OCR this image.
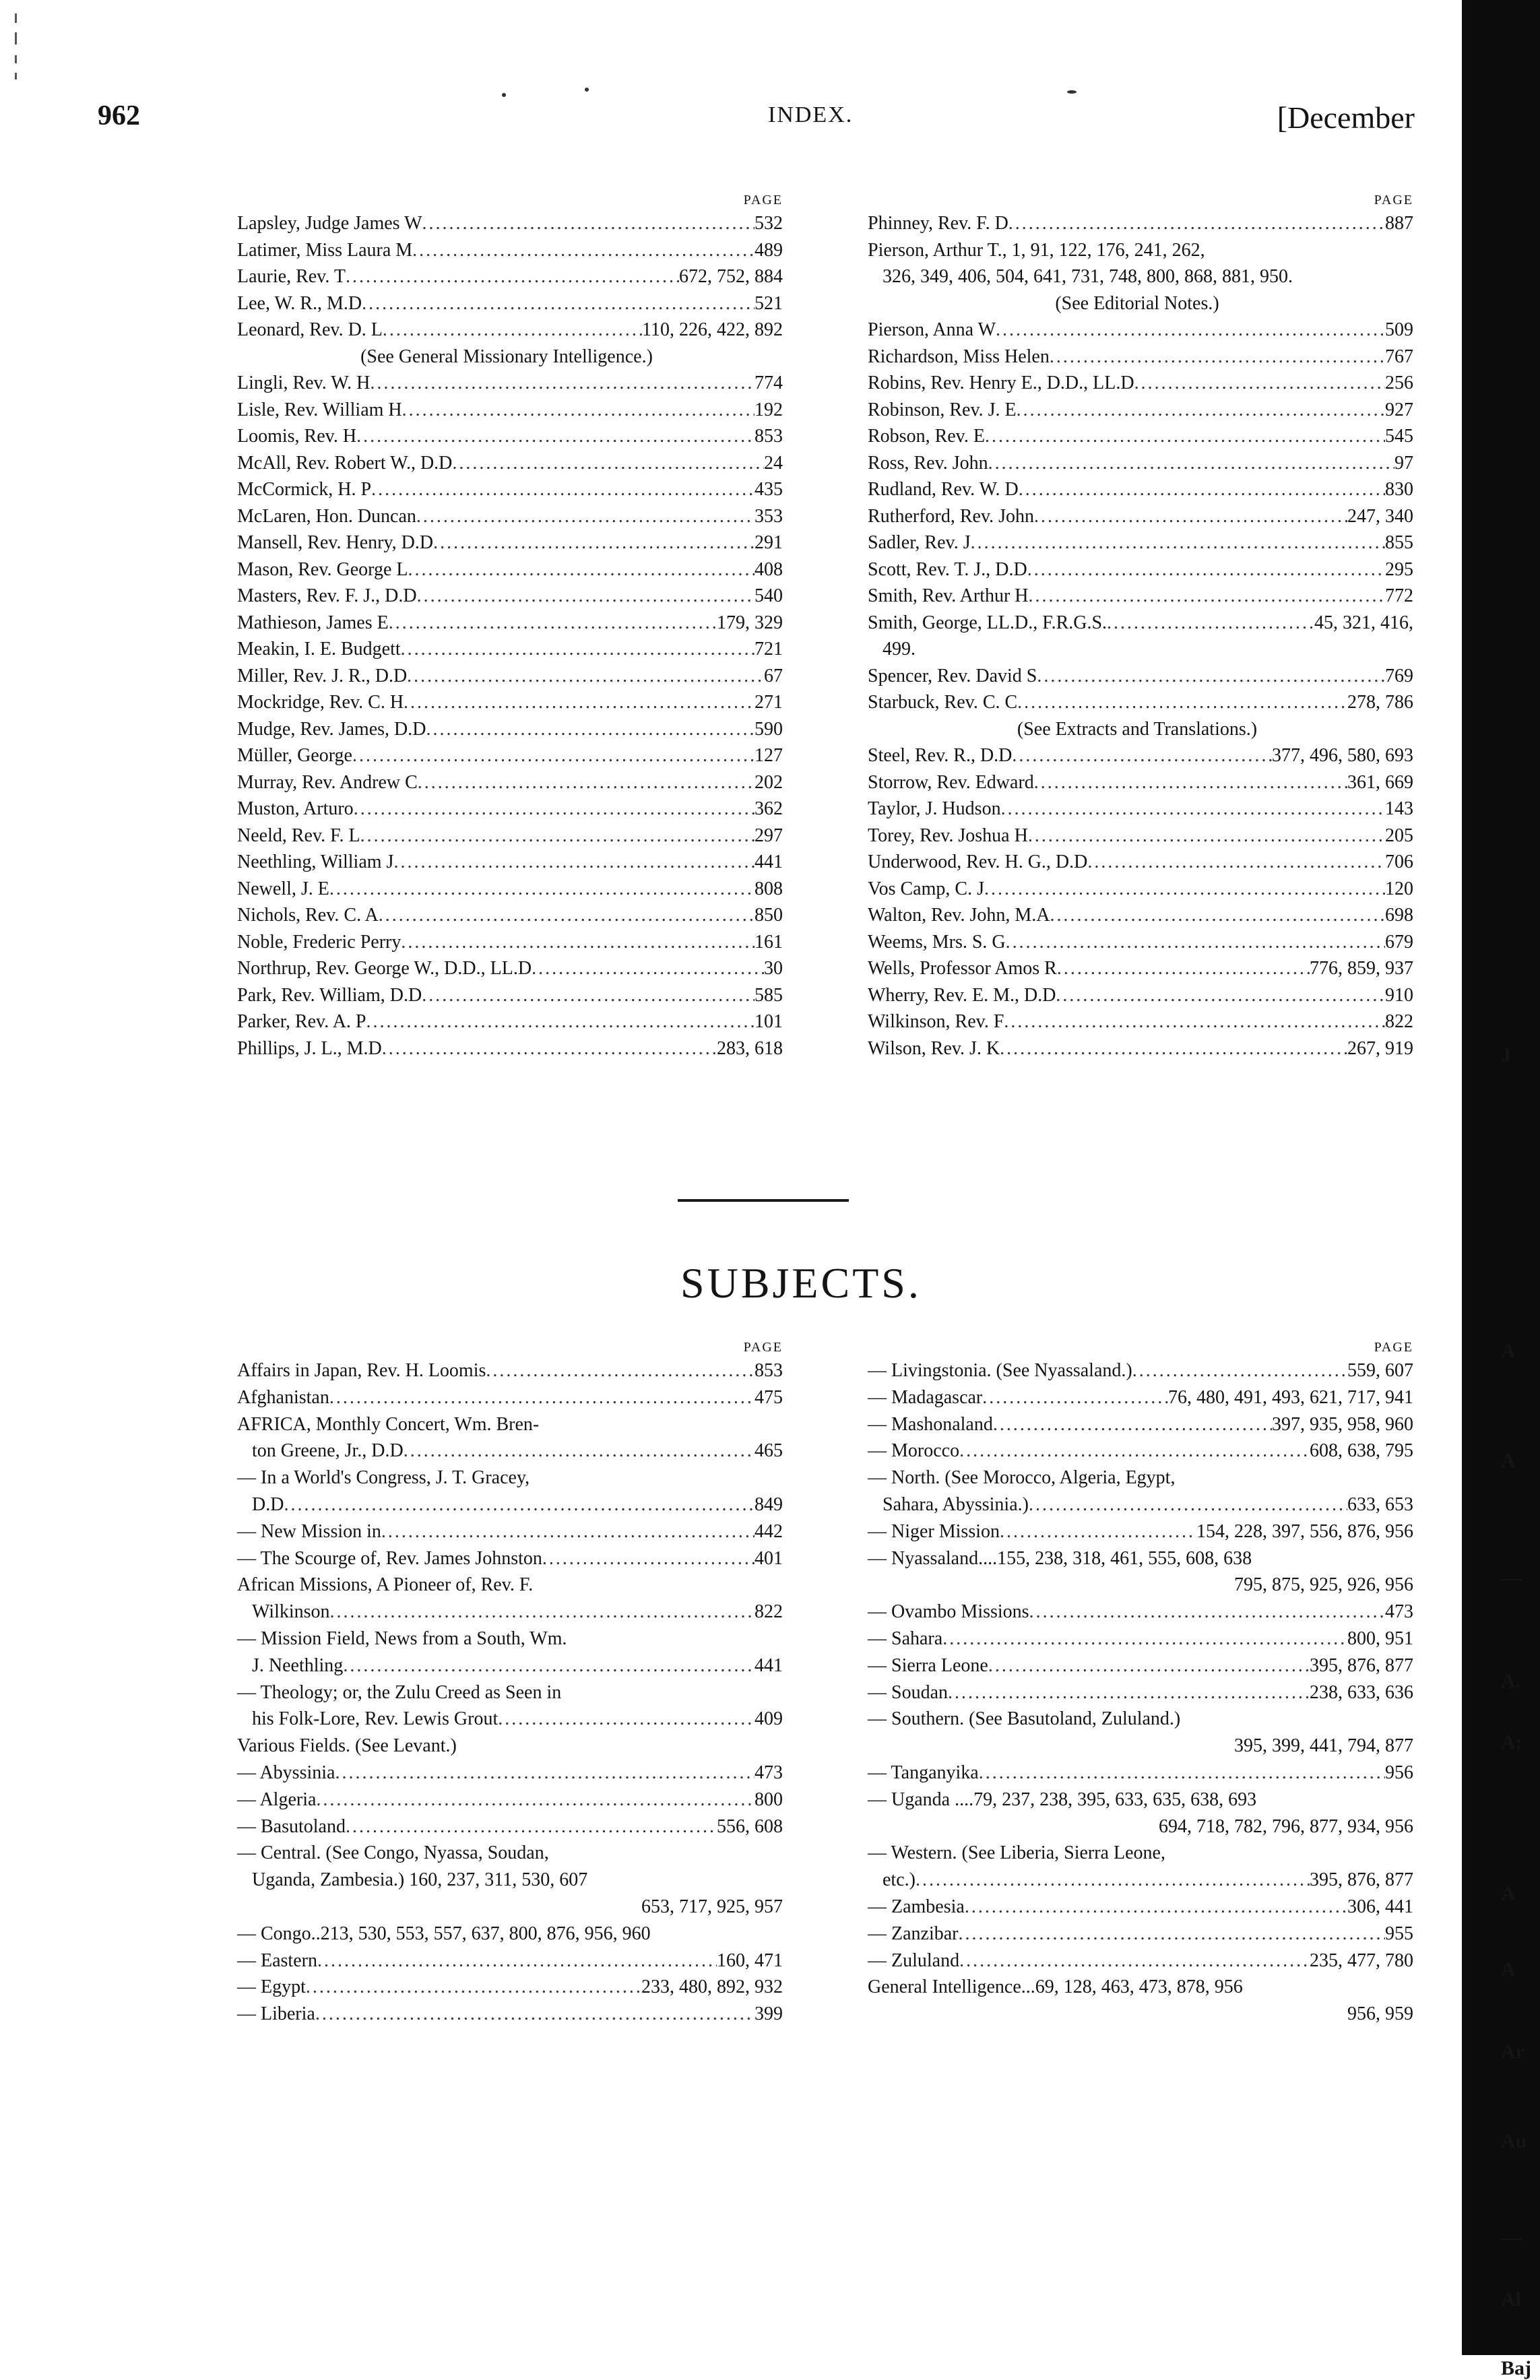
J
A
A
—
A.
A:
A
A
Ar
Au
—
Al
Baj
962	INDEX.	[December
PAGE
Lapsley, Judge James W .....	532
Latimer, Miss Laura M .....	489
Laurie, Rev. T .....	672, 752, 884
Lee, W. R., M.D .....	521
Leonard, Rev. D. L .....	110, 226, 422, 892
(See General Missionary Intelligence.)
Lingli, Rev. W. H .....	774
Lisle, Rev. William H .....	192
Loomis, Rev. H .....	853
McAll, Rev. Robert W., D.D .....	24
McCormick, H. P .....	435
McLaren, Hon. Duncan .....	353
Mansell, Rev. Henry, D.D .....	291
Mason, Rev. George L .....	408
Masters, Rev. F. J., D.D .....	540
Mathieson, James E .....	179, 329
Meakin, I. E. Budgett .....	721
Miller, Rev. J. R., D.D .....	67
Mockridge, Rev. C. H .....	271
Mudge, Rev. James, D.D .....	590
Müller, George .....	127
Murray, Rev. Andrew C .....	202
Muston, Arturo .....	362
Neeld, Rev. F. L .....	297
Neethling, William J .....	441
Newell, J. E .....	808
Nichols, Rev. C. A .....	850
Noble, Frederic Perry .....	161
Northrup, Rev. George W., D.D., LL.D .....	30
Park, Rev. William, D.D .....	585
Parker, Rev. A. P .....	101
Phillips, J. L., M.D .....	283, 618
PAGE
Phinney, Rev. F. D .....	887
Pierson, Arthur T., 1, 91, 122, 176, 241, 262,
326, 349, 406, 504, 641, 731, 748, 800, 868, 881, 950.
(See Editorial Notes.)
Pierson, Anna W .....	509
Richardson, Miss Helen .....	767
Robins, Rev. Henry E., D.D., LL.D .....	256
Robinson, Rev. J. E .....	927
Robson, Rev. E .....	545
Ross, Rev. John .....	97
Rudland, Rev. W. D .....	830
Rutherford, Rev. John .....	247, 340
Sadler, Rev. J .....	855
Scott, Rev. T. J., D.D .....	295
Smith, Rev. Arthur H .....	772
Smith, George, LL.D., F.R.G.S. .....	45, 321, 416,
499.
Spencer, Rev. David S .....	769
Starbuck, Rev. C. C .....	278, 786
(See Extracts and Translations.)
Steel, Rev. R., D.D .....	377, 496, 580, 693
Storrow, Rev. Edward .....	361, 669
Taylor, J. Hudson .....	143
Torey, Rev. Joshua H .....	205
Underwood, Rev. H. G., D.D .....	706
Vos Camp, C. J .....	120
Walton, Rev. John, M.A .....	698
Weems, Mrs. S. G .....	679
Wells, Professor Amos R .....	776, 859, 937
Wherry, Rev. E. M., D.D .....	910
Wilkinson, Rev. F .....	822
Wilson, Rev. J. K .....	267, 919
SUBJECTS.
PAGE
Affairs in Japan, Rev. H. Loomis .....	853
Afghanistan .....	475
AFRICA, Monthly Concert, Wm. Bren-
ton Greene, Jr., D.D .....	465
— In a World's Congress, J. T. Gracey,
D.D .....	849
— New Mission in .....	442
— The Scourge of, Rev. James Johnston .....	401
African Missions, A Pioneer of, Rev. F.
Wilkinson .....	822
— Mission Field, News from a South, Wm.
J. Neethling .....	441
— Theology; or, the Zulu Creed as Seen in
his Folk-Lore, Rev. Lewis Grout .....	409
Various Fields. (See Levant.)
— Abyssinia .....	473
— Algeria .....	800
— Basutoland .....	556, 608
— Central. (See Congo, Nyassa, Soudan,
Uganda, Zambesia.) 160, 237, 311, 530, 607
653, 717, 925, 957
— Congo..213, 530, 553, 557, 637, 800, 876, 956, 960
— Eastern .....	160, 471
— Egypt .....	233, 480, 892, 932
— Liberia .....	399
PAGE
— Livingstonia. (See Nyassaland.) .....	559, 607
— Madagascar .....	76, 480, 491, 493, 621, 717, 941
— Mashonaland .....	397, 935, 958, 960
— Morocco .....	608, 638, 795
— North. (See Morocco, Algeria, Egypt,
Sahara, Abyssinia.) .....	633, 653
— Niger Mission .....	154, 228, 397, 556, 876, 956
— Nyassaland....155, 238, 318, 461, 555, 608, 638
795, 875, 925, 926, 956
— Ovambo Missions .....	473
— Sahara .....	800, 951
— Sierra Leone .....	395, 876, 877
— Soudan .....	238, 633, 636
— Southern. (See Basutoland, Zululand.)
395, 399, 441, 794, 877
— Tanganyika .....	956
— Uganda ....79, 237, 238, 395, 633, 635, 638, 693
694, 718, 782, 796, 877, 934, 956
— Western. (See Liberia, Sierra Leone,
etc.) .....	395, 876, 877
— Zambesia .....	306, 441
— Zanzibar .....	955
— Zululand .....	235, 477, 780
General Intelligence...69, 128, 463, 473, 878, 956
956, 959
